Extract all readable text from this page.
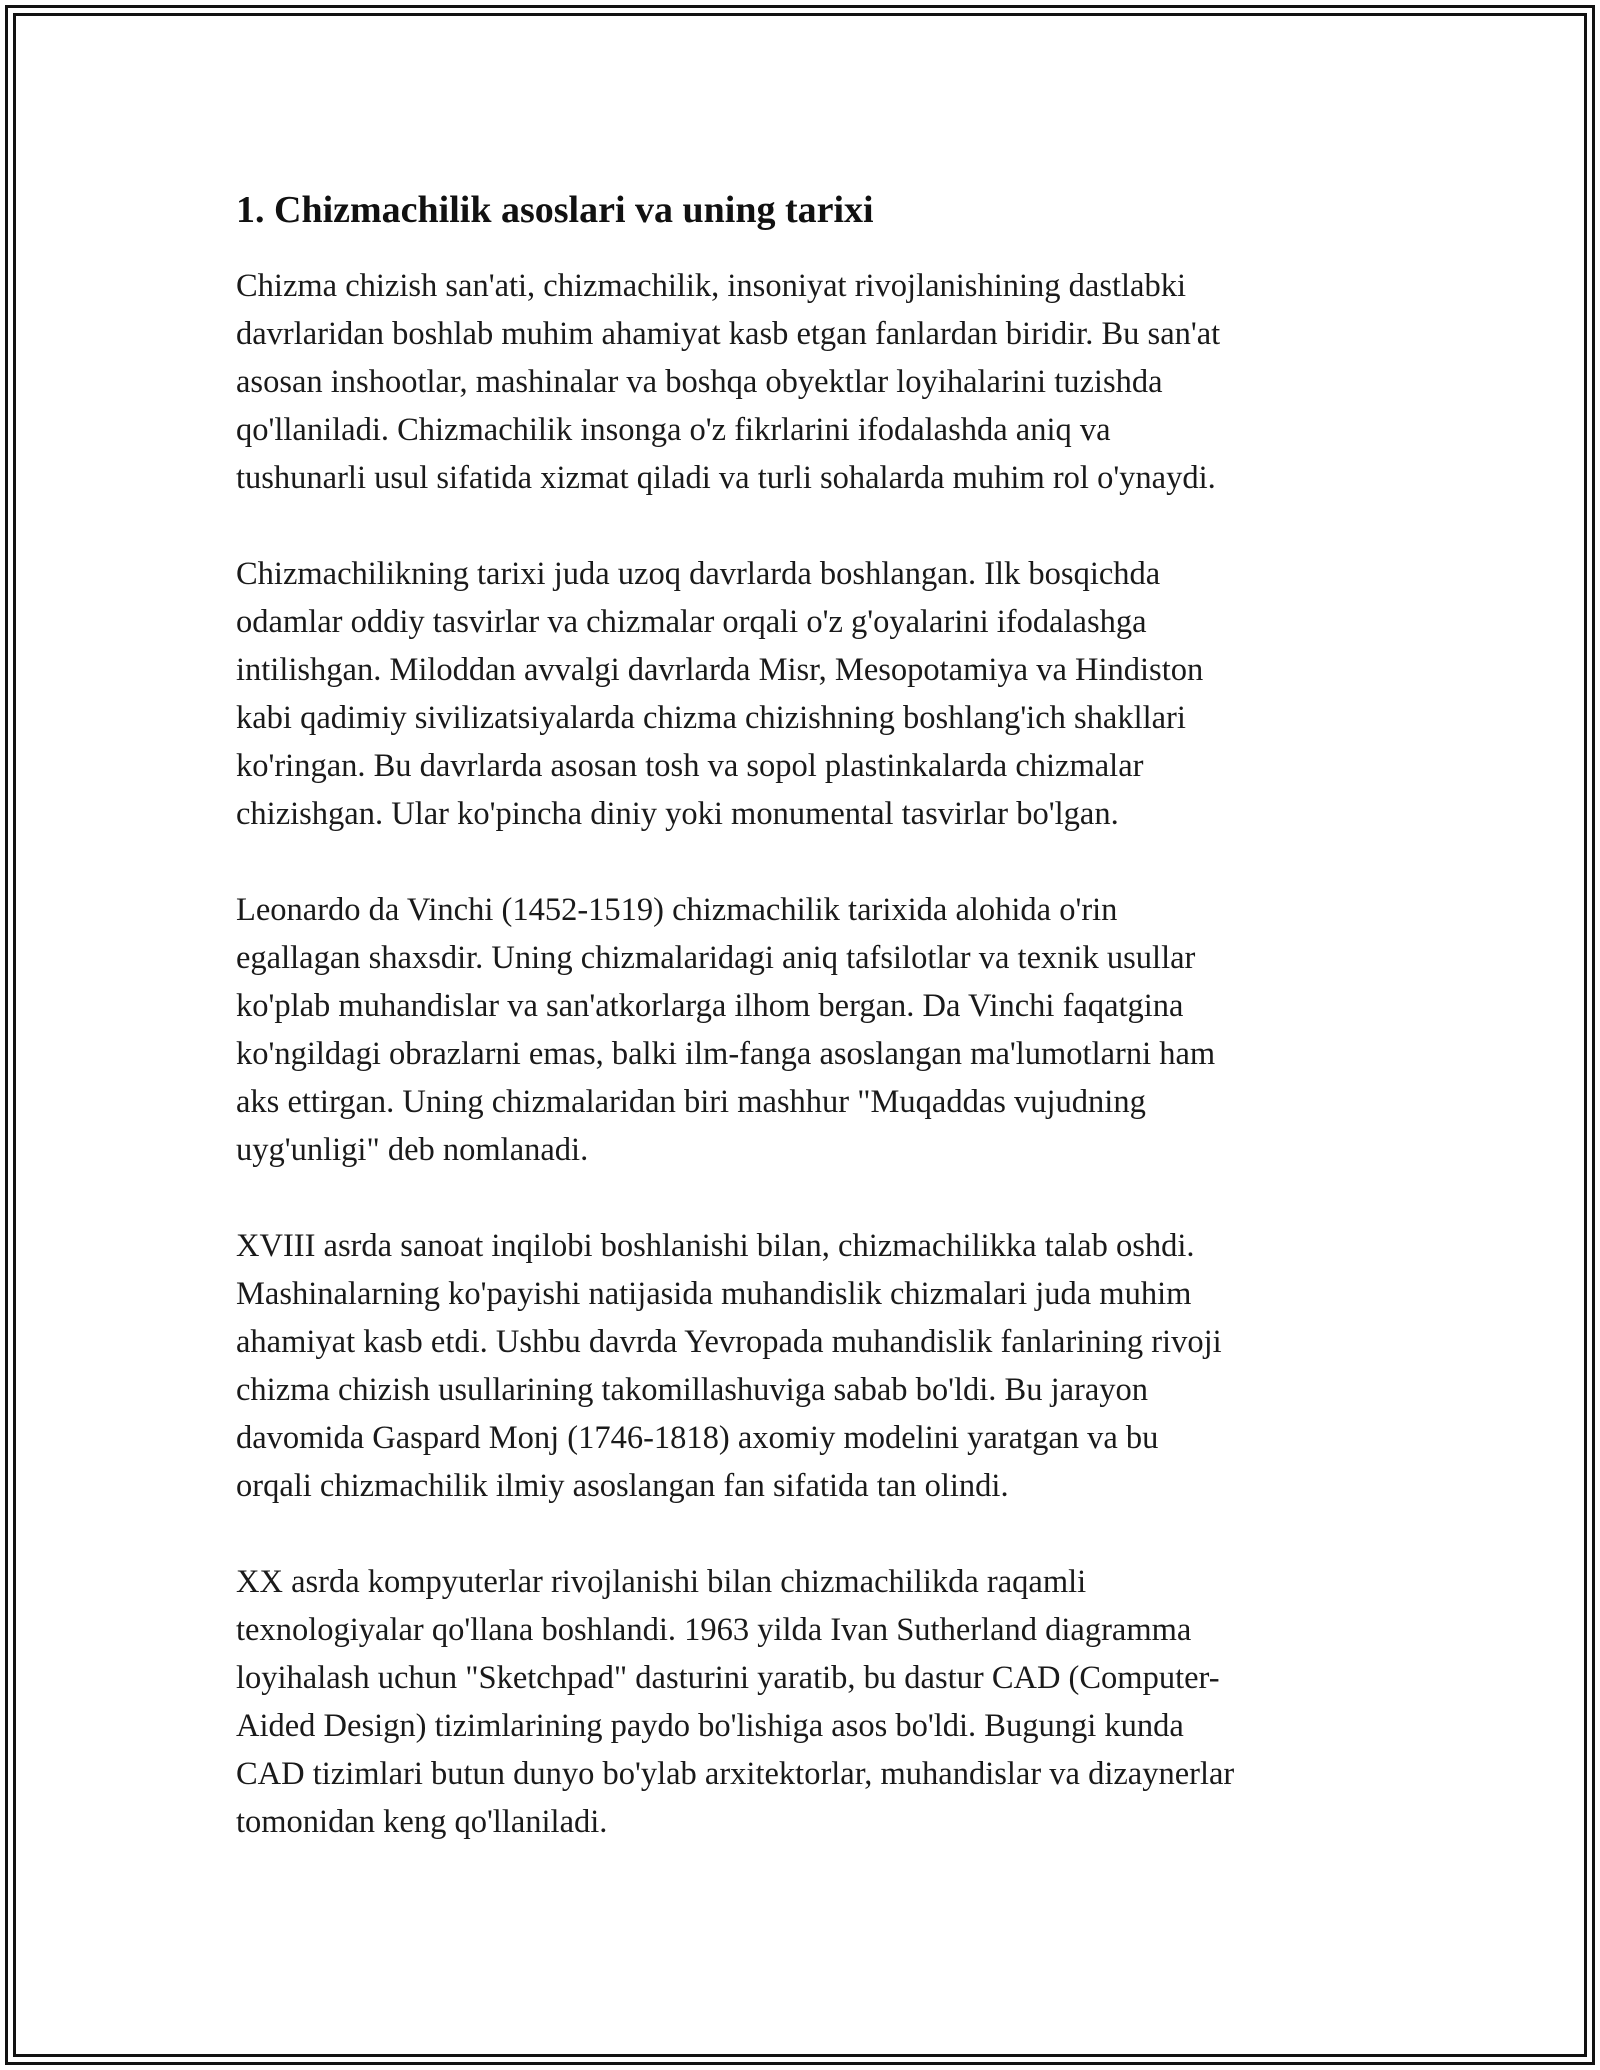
1. Chizmachilik asoslari va uning tarixi

Chizma chizish san'ati, chizmachilik, insoniyat rivojlanishining dastlabki
davrlaridan boshlab muhim ahamiyat kasb etgan fanlardan biridir. Bu san'at
asosan inshootlar, mashinalar va boshqa obyektlar loyihalarini tuzishda
qo'llaniladi. Chizmachilik insonga o'z fikrlarini ifodalashda aniq va
tushunarli usul sifatida xizmat qiladi va turli sohalarda muhim rol o'ynaydi.

Chizmachilikning tarixi juda uzoq davrlarda boshlangan. Ilk bosqichda
odamlar oddiy tasvirlar va chizmalar orqali o'z g'oyalarini ifodalashga
intilishgan. Miloddan avvalgi davrlarda Misr, Mesopotamiya va Hindiston
kabi qadimiy sivilizatsiyalarda chizma chizishning boshlang'ich shakllari
ko'ringan. Bu davrlarda asosan tosh va sopol plastinkalarda chizmalar
chizishgan. Ular ko'pincha diniy yoki monumental tasvirlar bo'lgan.

Leonardo da Vinchi (1452-1519) chizmachilik tarixida alohida o'rin
egallagan shaxsdir. Uning chizmalaridagi aniq tafsilotlar va texnik usullar
ko'plab muhandislar va san'atkorlarga ilhom bergan. Da Vinchi faqatgina
ko'ngildagi obrazlarni emas, balki ilm-fanga asoslangan ma'lumotlarni ham
aks ettirgan. Uning chizmalaridan biri mashhur "Muqaddas vujudning
uyg'unligi" deb nomlanadi.

XVIII asrda sanoat inqilobi boshlanishi bilan, chizmachilikka talab oshdi.
Mashinalarning ko'payishi natijasida muhandislik chizmalari juda muhim
ahamiyat kasb etdi. Ushbu davrda Yevropada muhandislik fanlarining rivoji
chizma chizish usullarining takomillashuviga sabab bo'ldi. Bu jarayon
davomida Gaspard Monj (1746-1818) axomiy modelini yaratgan va bu
orqali chizmachilik ilmiy asoslangan fan sifatida tan olindi.

XX asrda kompyuterlar rivojlanishi bilan chizmachilikda raqamli
texnologiyalar qo'llana boshlandi. 1963 yilda Ivan Sutherland diagramma
loyihalash uchun "Sketchpad" dasturini yaratib, bu dastur CAD (Computer-
Aided Design) tizimlarining paydo bo'lishiga asos bo'ldi. Bugungi kunda
CAD tizimlari butun dunyo bo'ylab arxitektorlar, muhandislar va dizaynerlar
tomonidan keng qo'llaniladi.
